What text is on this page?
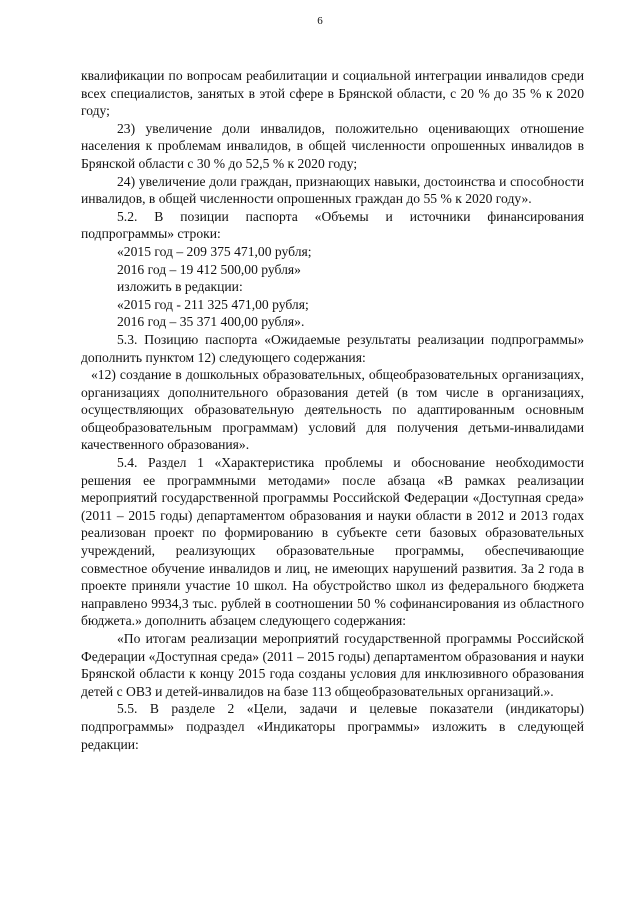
6

квалификации по вопросам реабилитации и социальной интеграции инвалидов среди всех специалистов, занятых в этой сфере в Брянской области, с 20 % до 35 % к 2020 году;

23) увеличение доли инвалидов, положительно оценивающих отношение населения к проблемам инвалидов, в общей численности опрошенных инвалидов в Брянской области с 30 % до 52,5 % к 2020 году;

24) увеличение доли граждан, признающих навыки, достоинства и способности инвалидов, в общей численности опрошенных граждан до 55 % к 2020 году».

5.2. В позиции паспорта «Объемы и источники финансирования подпрограммы» строки:

«2015 год – 209 375 471,00 рубля;

2016 год – 19 412 500,00 рубля»

изложить в редакции:

«2015 год - 211 325 471,00 рубля;

2016 год – 35 371 400,00 рубля».

5.3. Позицию паспорта «Ожидаемые результаты реализации подпрограммы» дополнить пунктом 12) следующего содержания:

«12) создание в дошкольных образовательных, общеобразовательных организациях, организациях дополнительного образования детей (в том числе в организациях, осуществляющих образовательную деятельность по адаптированным основным общеобразовательным программам) условий для получения детьми-инвалидами качественного образования».

5.4. Раздел 1 «Характеристика проблемы и обоснование необходимости решения ее программными методами» после абзаца «В рамках реализации мероприятий государственной программы Российской Федерации «Доступная среда» (2011 – 2015 годы) департаментом образования и науки области в 2012 и 2013 годах реализован проект по формированию в субъекте сети базовых образовательных учреждений, реализующих образовательные программы, обеспечивающие совместное обучение инвалидов и лиц, не имеющих нарушений развития. За 2 года в проекте приняли участие 10 школ. На обустройство школ из федерального бюджета направлено 9934,3 тыс. рублей в соотношении 50 % софинансирования из областного бюджета.» дополнить абзацем следующего содержания:

«По итогам реализации мероприятий государственной программы Российской Федерации «Доступная среда» (2011 – 2015 годы) департаментом образования и науки Брянской области к концу 2015 года созданы условия для инклюзивного образования детей с ОВЗ и детей-инвалидов на базе 113 общеобразовательных организаций.».

5.5. В разделе 2 «Цели, задачи и целевые показатели (индикаторы) подпрограммы» подраздел «Индикаторы программы» изложить в следующей редакции:
